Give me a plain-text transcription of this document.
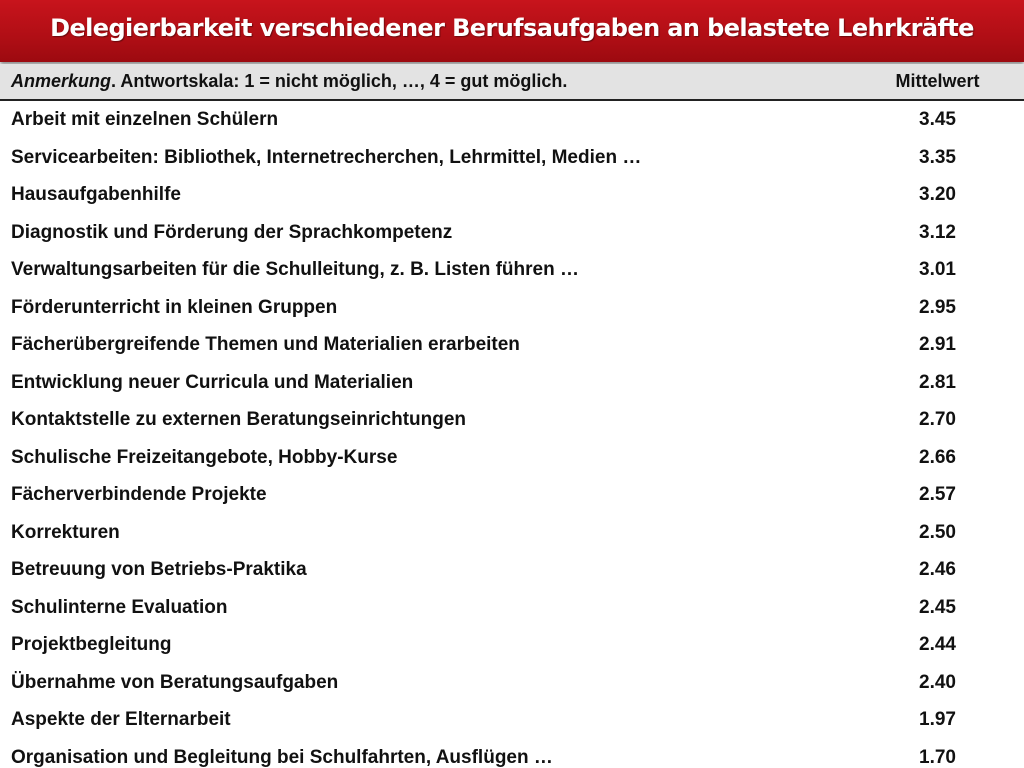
Delegierbarkeit verschiedener Berufsaufgaben an belastete Lehrkräfte
Anmerkung. Antwortskala: 1 = nicht möglich, …, 4 = gut möglich.	Mittelwert
Arbeit mit einzelnen Schülern	3.45
Servicearbeiten: Bibliothek, Internetrecherchen, Lehrmittel, Medien …	3.35
Hausaufgabenhilfe	3.20
Diagnostik und Förderung der Sprachkompetenz	3.12
Verwaltungsarbeiten für die Schulleitung, z. B. Listen führen …	3.01
Förderunterricht in kleinen Gruppen	2.95
Fächerübergreifende Themen und Materialien erarbeiten	2.91
Entwicklung neuer Curricula und Materialien	2.81
Kontaktstelle zu externen Beratungseinrichtungen	2.70
Schulische Freizeitangebote, Hobby-Kurse	2.66
Fächerverbindende Projekte	2.57
Korrekturen	2.50
Betreuung von Betriebs-Praktika	2.46
Schulinterne Evaluation	2.45
Projektbegleitung	2.44
Übernahme von Beratungsaufgaben	2.40
Aspekte der Elternarbeit	1.97
Organisation und Begleitung bei Schulfahrten, Ausflügen …	1.70
